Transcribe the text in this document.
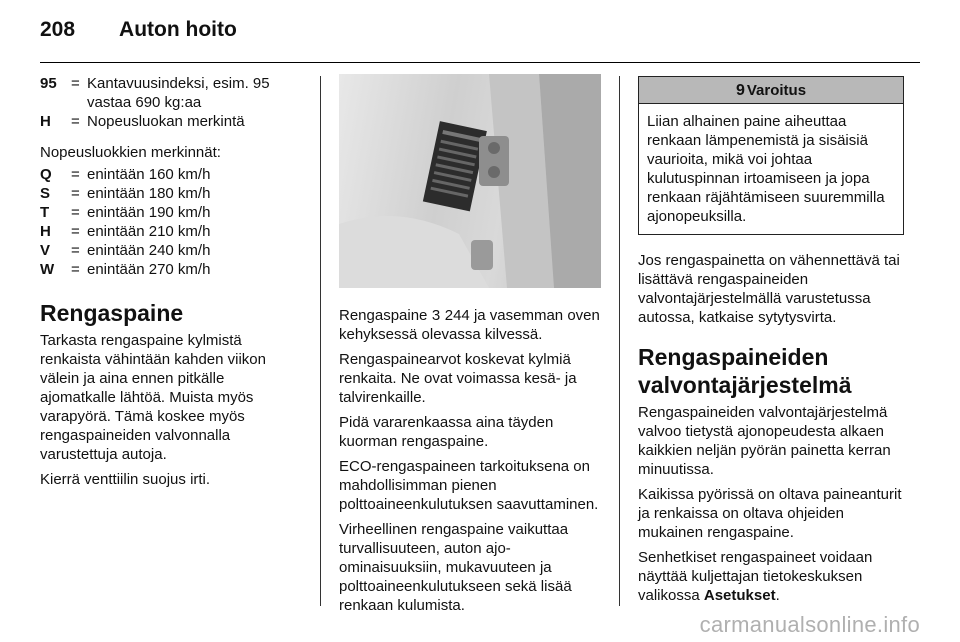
208 Auton hoito
95 = Kantavuusindeksi, esim. 95 vastaa 690 kg:aa
H	= Nopeusluokan merkintä

Nopeusluokkien merkinnät:

Q	= enintään 160 km/h
S	= enintään 180 km/h
T	= enintään 190 km/h
H	= enintään 210 km/h
V	= enintään 240 km/h
W	= enintään 270 km/h
Rengaspaine

Tarkasta rengaspaine kylmistä renkaista vähintään kahden viikon välein ja aina ennen pitkälle ajomatkalle lähtöä. Muista myös varapyörä. Tämä koskee myös rengaspaineiden valvonnalla varustettuja autoja.

Kierrä venttiilin suojus irti.

Rengaspaine 3 244 ja vasemman oven kehyksessä olevassa kilvessä.

Rengaspainearvot koskevat kylmiä renkaita. Ne ovat voimassa kesä- ja talvirenkaille.

Pidä vararenkaassa aina täyden kuorman rengaspaine.

ECO-rengaspaineen tarkoituksena on mahdollisimman pienen polttoaineenkulutuksen saavuttaminen.

Virheellinen rengaspaine vaikuttaa turvallisuuteen, auton ajo-ominaisuuksiin, mukavuuteen ja polttoaineenkulutukseen sekä lisää renkaan kulumista.

9 Varoitus
Liian alhainen paine aiheuttaa renkaan lämpenemistä ja sisäisiä vaurioita, mikä voi johtaa kulutuspinnan irtoamiseen ja jopa renkaan räjähtämiseen suuremmilla ajonopeuksilla.

Jos rengaspainetta on vähennettävä tai lisättävä rengaspaineiden valvontajärjestelmällä varustetussa autossa, katkaise sytytysvirta.

Rengaspaineiden valvontajärjestelmä

Rengaspaineiden valvontajärjestelmä valvoo tietystä ajonopeudesta alkaen kaikkien neljän pyörän painetta kerran minuutissa.

Kaikissa pyörissä on oltava paineanturit ja renkaissa on oltava ohjeiden mukainen rengaspaine.

Senhetkiset rengaspaineet voidaan näyttää kuljettajan tietokeskuksen valikossa Asetukset.

carmanualsonline.info
